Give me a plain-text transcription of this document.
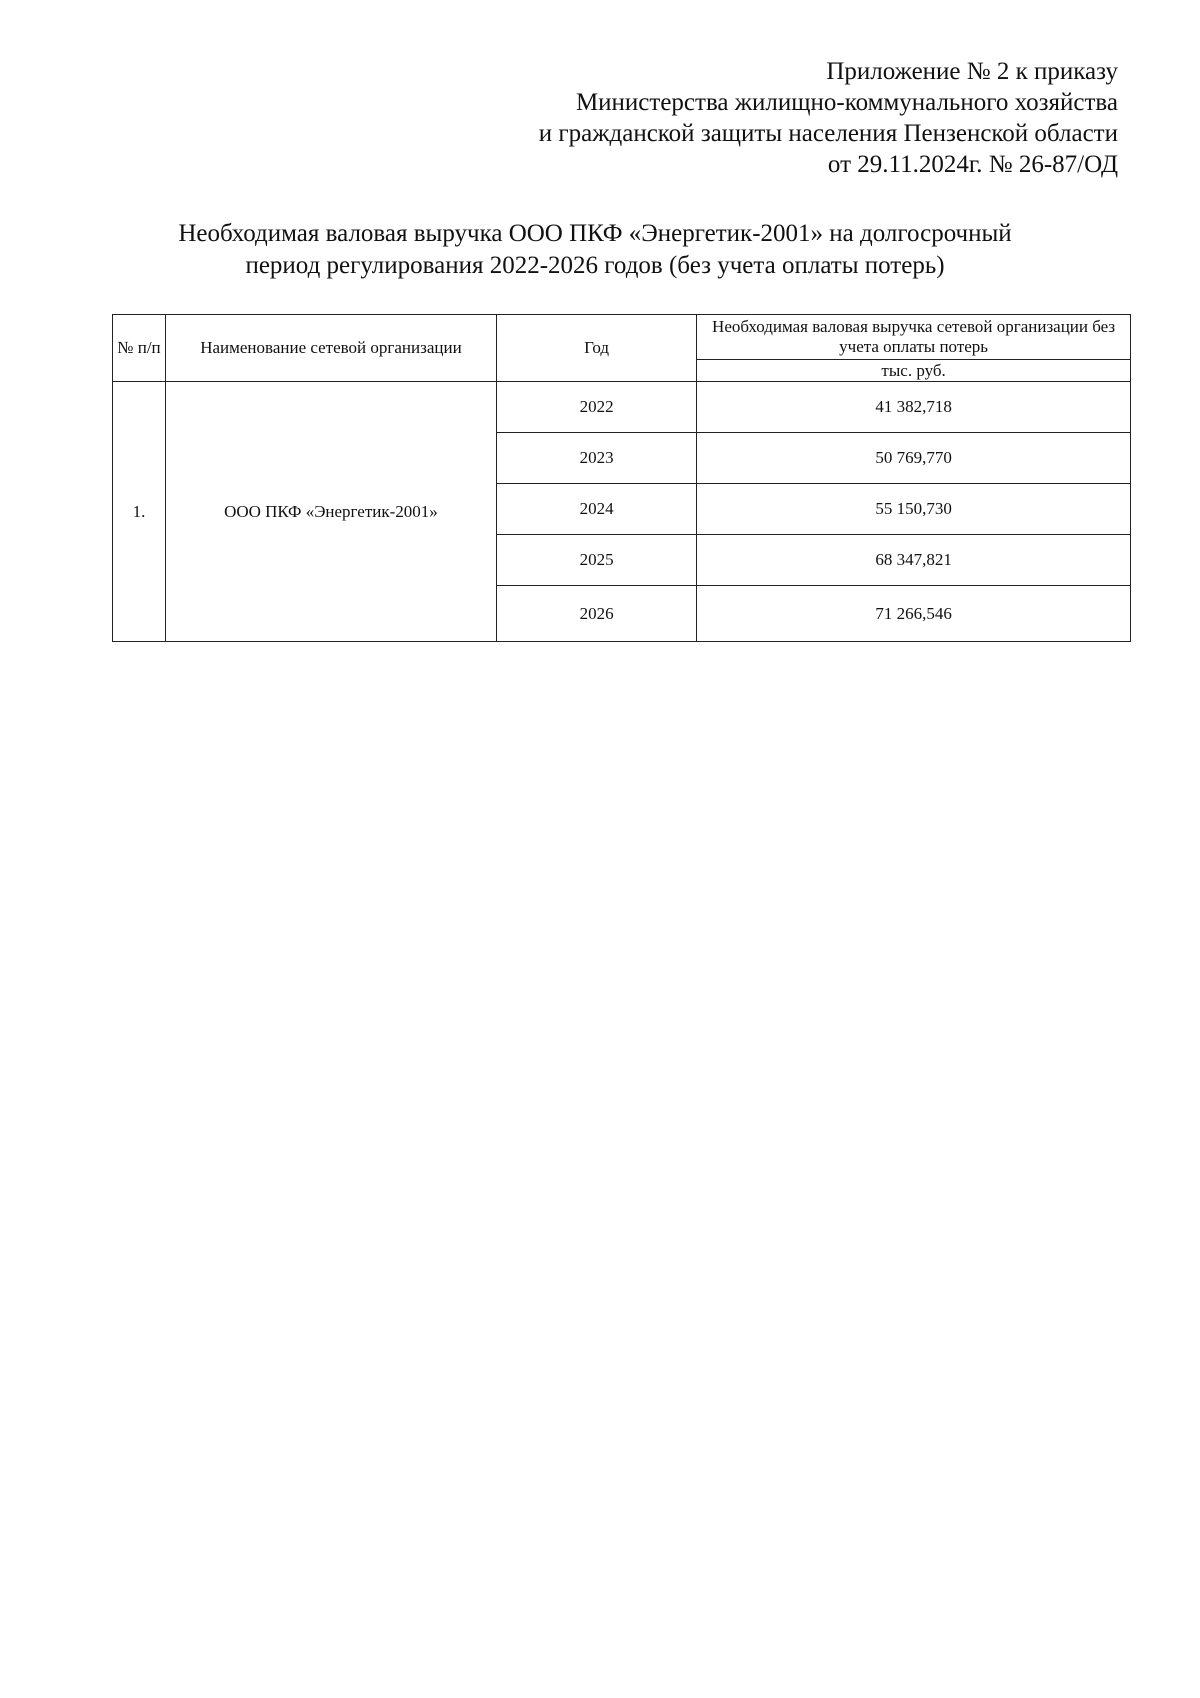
Приложение № 2 к приказу
Министерства жилищно-коммунального хозяйства
и гражданской защиты населения Пензенской области
от 29.11.2024г. № 26-87/ОД
Необходимая валовая выручка ООО ПКФ «Энергетик-2001» на долгосрочный
период регулирования 2022-2026 годов (без учета оплаты потерь)
№ п/п	Наименование сетевой организации	Год	Необходимая валовая выручка сетевой организации без учета оплаты потерь
			тыс. руб.
1.	ООО ПКФ «Энергетик-2001»	2022	41 382,718
		2023	50 769,770
		2024	55 150,730
		2025	68 347,821
		2026	71 266,546
